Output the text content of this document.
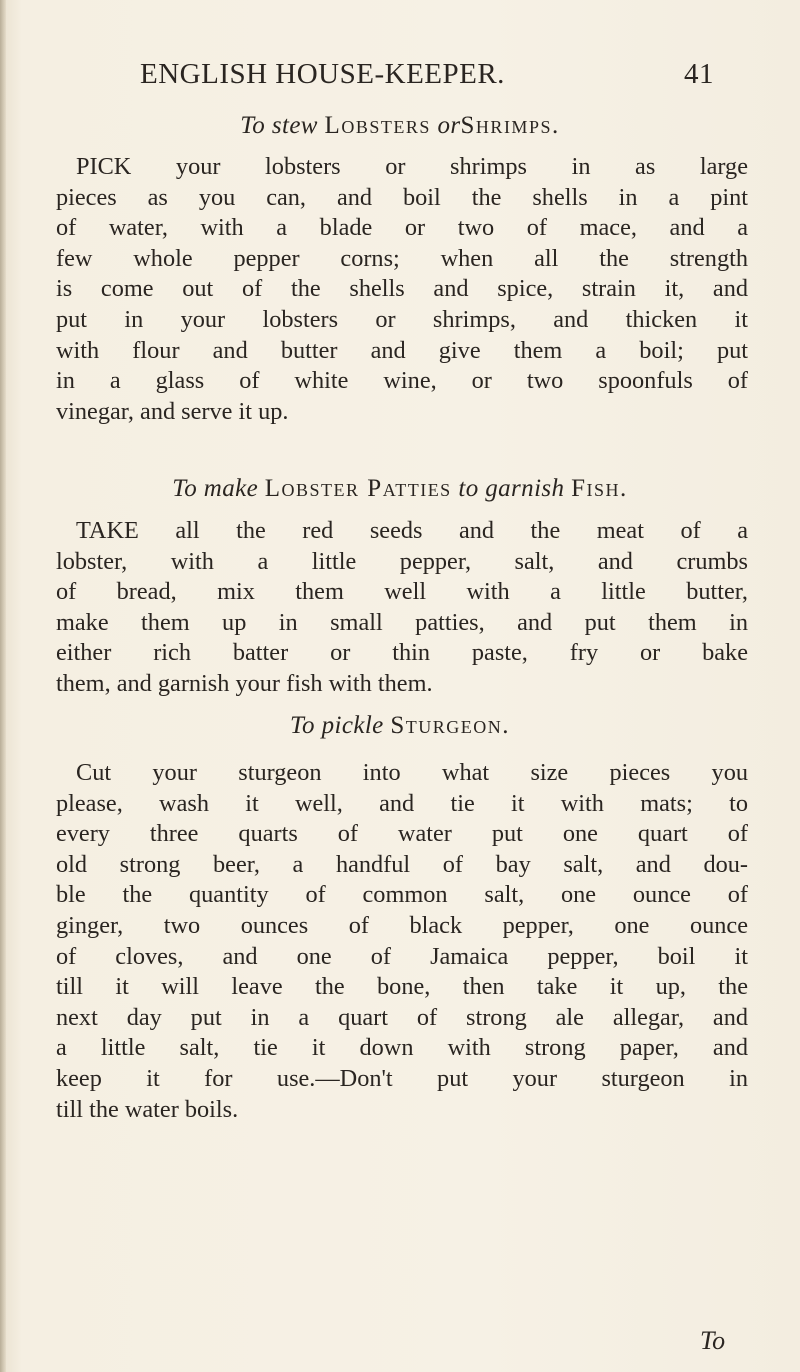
ENGLISH HOUSE-KEEPER.	41
To stew Lobsters orShrimps.
PICK your lobsters or shrimps in as large
pieces as you can, and boil the shells in a pint
of water, with a blade or two of mace, and a
few whole pepper corns; when all the strength
is come out of the shells and spice, strain it, and
put in your lobsters or shrimps, and thicken it
with flour and butter and give them a boil; put
in a glass of white wine, or two spoonfuls of
vinegar, and serve it up.
To make Lobster Patties to garnish Fish.
TAKE all the red seeds and the meat of a
lobster, with a little pepper, salt, and crumbs
of bread, mix them well with a little butter,
make them up in small patties, and put them in
either rich batter or thin paste, fry or bake
them, and garnish your fish with them.
To pickle Sturgeon.
Cut your sturgeon into what size pieces you
please, wash it well, and tie it with mats; to
every three quarts of water put one quart of
old strong beer, a handful of bay salt, and dou-
ble the quantity of common salt, one ounce of
ginger, two ounces of black pepper, one ounce
of cloves, and one of Jamaica pepper, boil it
till it will leave the bone, then take it up, the
next day put in a quart of strong ale allegar, and
a little salt, tie it down with strong paper, and
keep it for use.—Don't put your sturgeon in
till the water boils.
To
